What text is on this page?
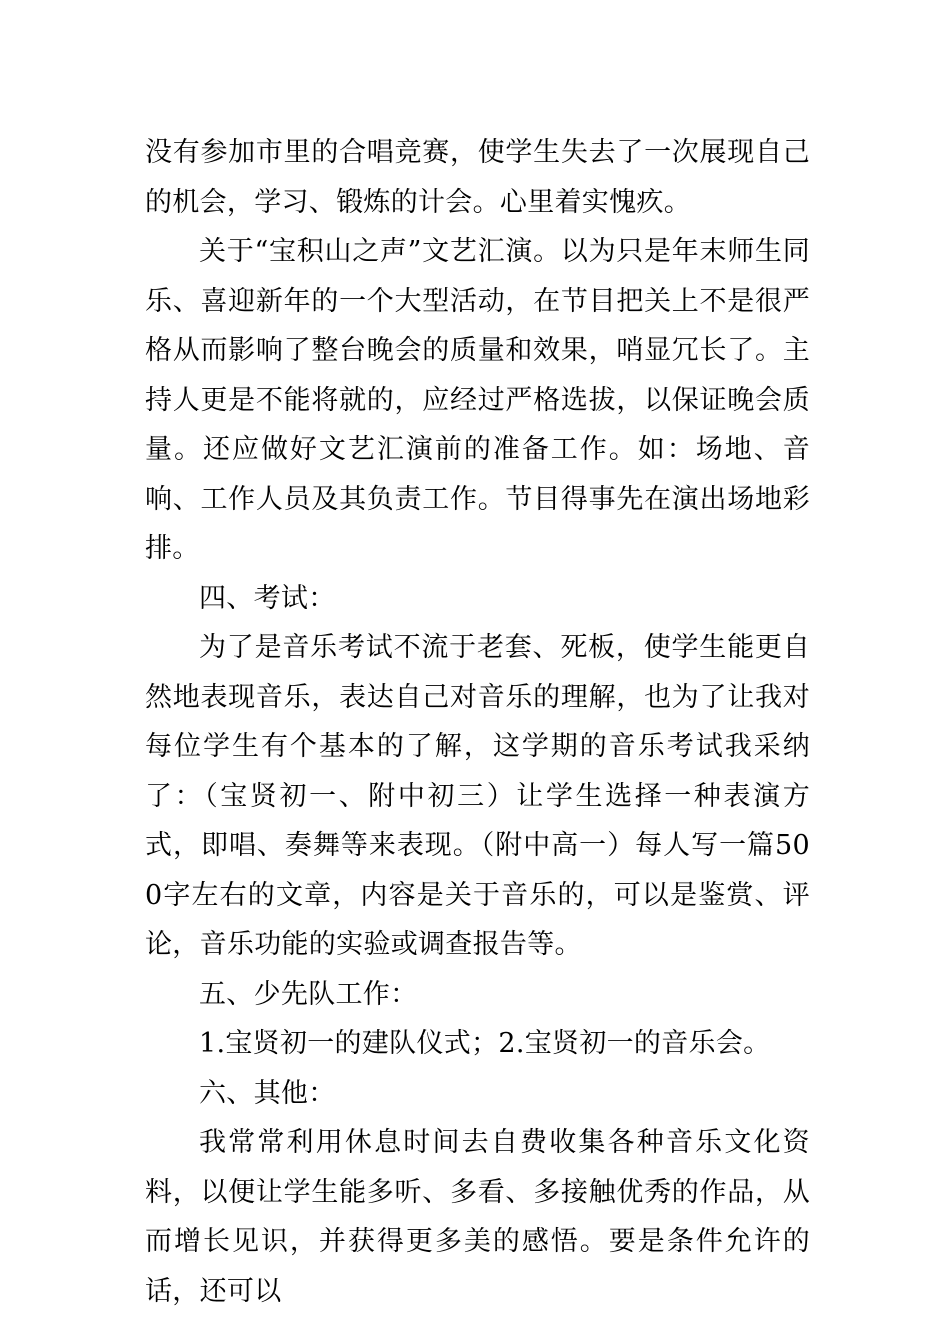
没有参加市里的合唱竞赛，使学生失去了一次展现自己的机会，学习、锻炼的计会。心里着实愧疚。

关于“宝积山之声”文艺汇演。以为只是年末师生同乐、喜迎新年的一个大型活动，在节目把关上不是很严格从而影响了整台晚会的质量和效果，哨显冗长了。主持人更是不能将就的，应经过严格选拔，以保证晚会质量。还应做好文艺汇演前的准备工作。如：场地、音响、工作人员及其负责工作。节目得事先在演出场地彩排。

四、考试：

为了是音乐考试不流于老套、死板，使学生能更自然地表现音乐，表达自己对音乐的理解，也为了让我对每位学生有个基本的了解，这学期的音乐考试我采纳了：（宝贤初一、附中初三）让学生选择一种表演方式，即唱、奏舞等来表现。（附中高一）每人写一篇500字左右的文章，内容是关于音乐的，可以是鉴赏、评论，音乐功能的实验或调查报告等。

五、少先队工作：

1.宝贤初一的建队仪式；2.宝贤初一的音乐会。

六、其他：

我常常利用休息时间去自费收集各种音乐文化资料，以便让学生能多听、多看、多接触优秀的作品，从而增长见识，并获得更多美的感悟。要是条件允许的话，还可以
